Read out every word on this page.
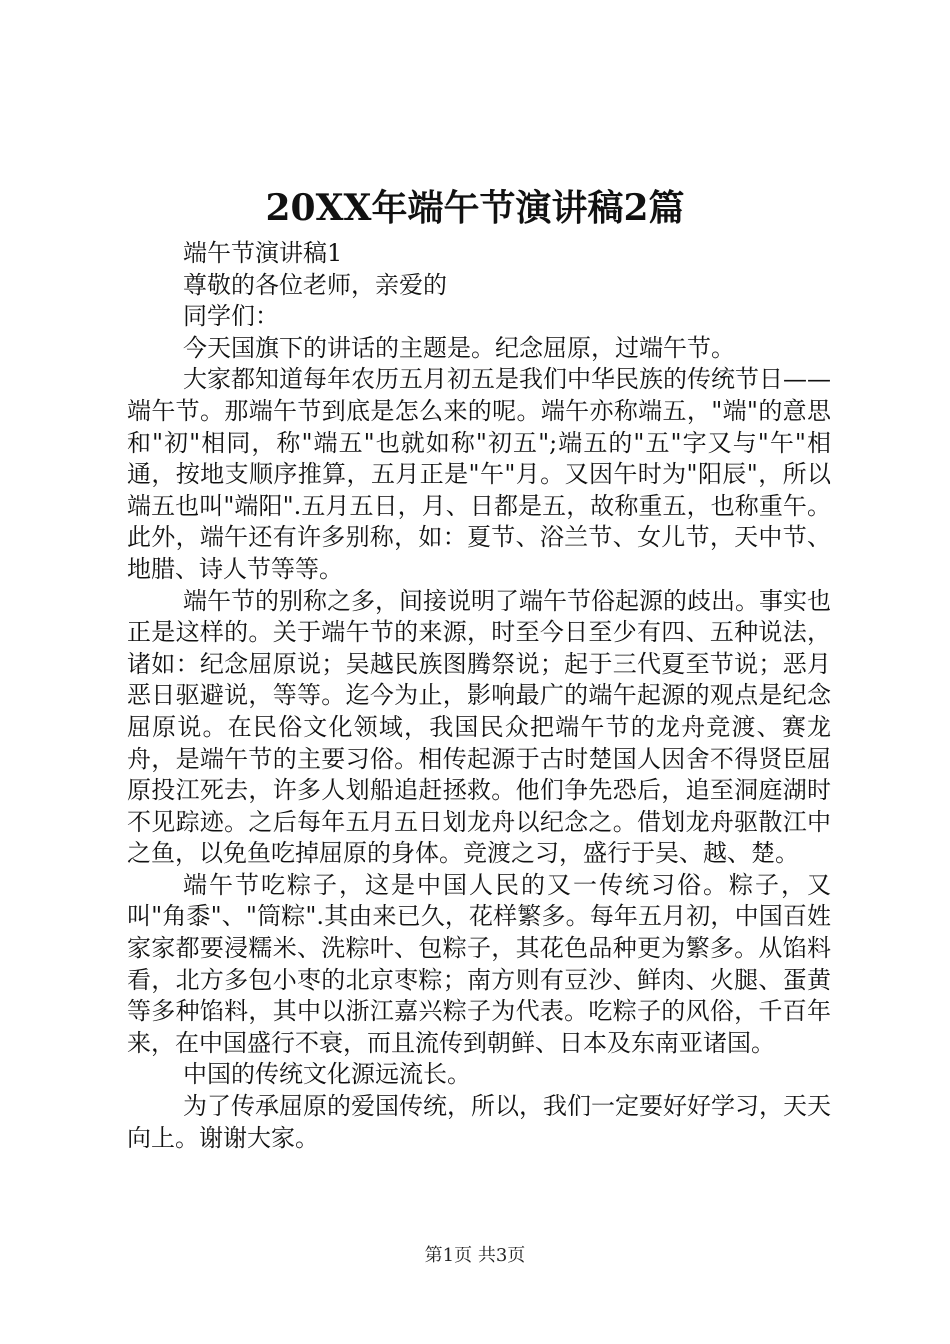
20XX年端午节演讲稿2篇

端午节演讲稿1

尊敬的各位老师，亲爱的

同学们：

今天国旗下的讲话的主题是。纪念屈原，过端午节。

大家都知道每年农历五月初五是我们中华民族的传统节日——端午节。那端午节到底是怎么来的呢。端午亦称端五，"端"的意思和"初"相同，称"端五"也就如称"初五";端五的"五"字又与"午"相通，按地支顺序推算，五月正是"午"月。又因午时为"阳辰"，所以端五也叫"端阳".五月五日，月、日都是五，故称重五，也称重午。此外，端午还有许多别称，如：夏节、浴兰节、女儿节，天中节、地腊、诗人节等等。

端午节的别称之多，间接说明了端午节俗起源的歧出。事实也正是这样的。关于端午节的来源，时至今日至少有四、五种说法，诸如：纪念屈原说；吴越民族图腾祭说；起于三代夏至节说；恶月恶日驱避说，等等。迄今为止，影响最广的端午起源的观点是纪念屈原说。在民俗文化领域，我国民众把端午节的龙舟竞渡、赛龙舟，是端午节的主要习俗。相传起源于古时楚国人因舍不得贤臣屈原投江死去，许多人划船追赶拯救。他们争先恐后，追至洞庭湖时不见踪迹。之后每年五月五日划龙舟以纪念之。借划龙舟驱散江中之鱼，以免鱼吃掉屈原的身体。竞渡之习，盛行于吴、越、楚。

端午节吃粽子，这是中国人民的又一传统习俗。粽子，又叫"角黍"、"筒粽".其由来已久，花样繁多。每年五月初，中国百姓家家都要浸糯米、洗粽叶、包粽子，其花色品种更为繁多。从馅料看，北方多包小枣的北京枣粽；南方则有豆沙、鲜肉、火腿、蛋黄等多种馅料，其中以浙江嘉兴粽子为代表。吃粽子的风俗，千百年来，在中国盛行不衰，而且流传到朝鲜、日本及东南亚诸国。

中国的传统文化源远流长。

为了传承屈原的爱国传统，所以，我们一定要好好学习，天天向上。谢谢大家。

第1页 共3页
